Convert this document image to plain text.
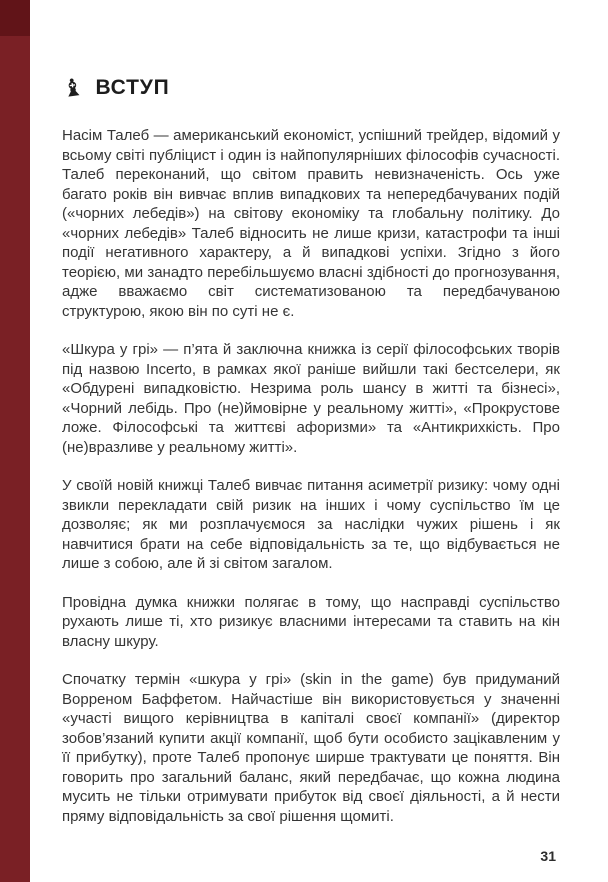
♝ ВСТУП

Насім Талеб — американський економіст, успішний трейдер, відомий у всьому світі публіцист і один із найпопулярніших філософів сучасності. Талеб переконаний, що світом править невизначеність. Ось уже багато років він вивчає вплив випадкових та непередбачуваних подій («чорних лебедів») на світову економіку та глобальну політику. До «чорних лебедів» Талеб відносить не лише кризи, катастрофи та інші події негативного характеру, а й випадкові успіхи. Згідно з його теорією, ми занадто перебільшуємо власні здібності до прогнозування, адже вважаємо світ систематизованою та передбачуваною структурою, якою він по суті не є.

«Шкура у грі» — п’ята й заключна книжка із серії філософських творів під назвою Incerto, в рамках якої раніше вийшли такі бестселери, як «Обдурені випадковістю. Незрима роль шансу в житті та бізнесі», «Чорний лебідь. Про (не)ймовірне у реальному житті», «Прокрустове ложе. Філософські та життєві афоризми» та «Антикрихкість. Про (не)вразливе у реальному житті».

У своїй новій книжці Талеб вивчає питання асиметрії ризику: чому одні звикли перекладати свій ризик на інших і чому суспільство їм це дозволяє; як ми розплачуємося за наслідки чужих рішень і як навчитися брати на себе відповідальність за те, що відбувається не лише з собою, але й зі світом загалом.

Провідна думка книжки полягає в тому, що насправді суспільство рухають лише ті, хто ризикує власними інтересами та ставить на кін власну шкуру.

Спочатку термін «шкура у грі» (skin in the game) був придуманий Ворреном Баффетом. Найчастіше він використовується у значенні «участі вищого керівництва в капіталі своєї компанії» (директор зобов’язаний купити акції компанії, щоб бути особисто зацікавленим у її прибутку), проте Талеб пропонує ширше трактувати це поняття. Він говорить про загальний баланс, який передбачає, що кожна людина мусить не тільки отримувати прибуток від своєї діяльності, а й нести пряму відповідальність за свої рішення щомиті.

31
